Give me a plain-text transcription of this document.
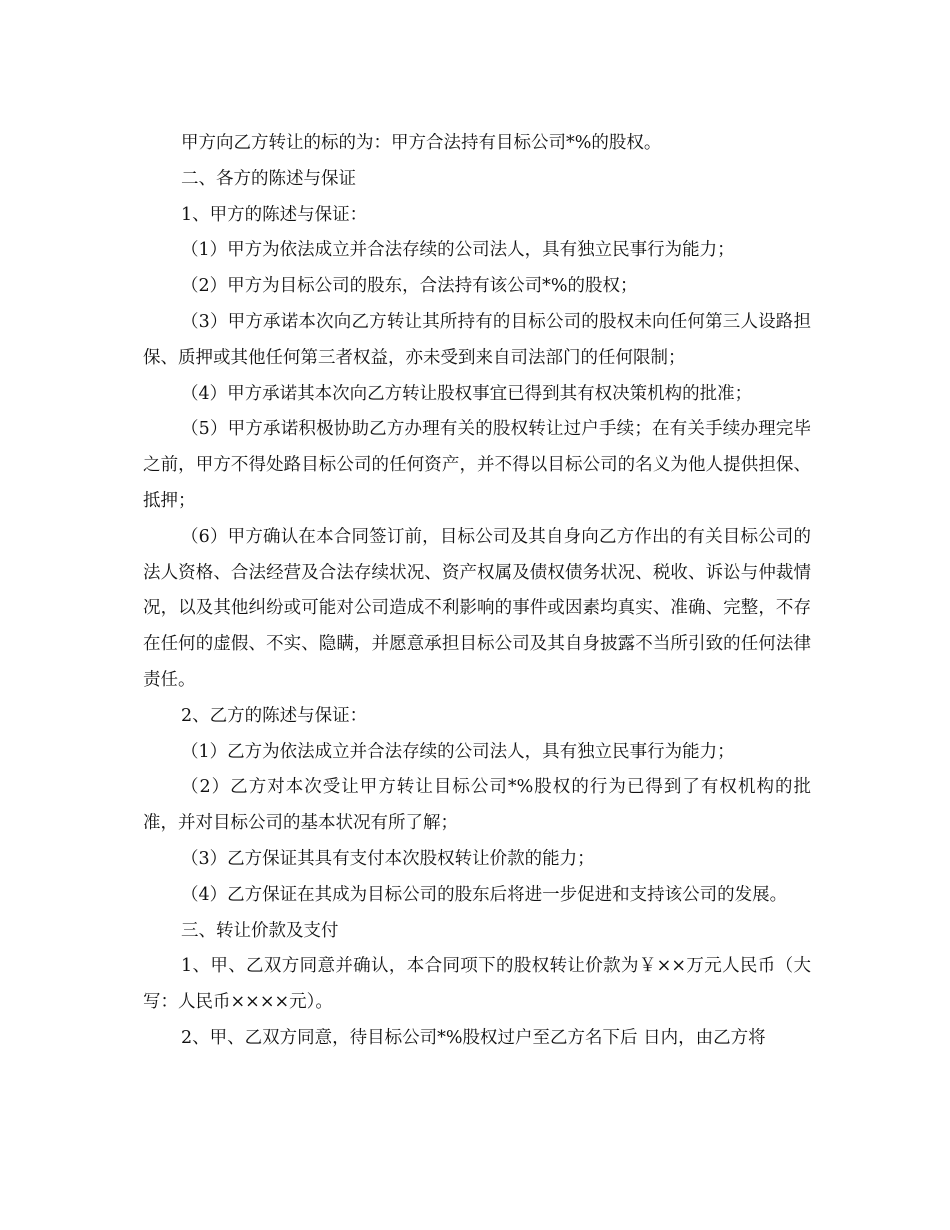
甲方向乙方转让的标的为：甲方合法持有目标公司*%的股权。

二、各方的陈述与保证

1、甲方的陈述与保证：

（1）甲方为依法成立并合法存续的公司法人，具有独立民事行为能力；

（2）甲方为目标公司的股东，合法持有该公司*%的股权；

（3）甲方承诺本次向乙方转让其所持有的目标公司的股权未向任何第三人设路担保、质押或其他任何第三者权益，亦未受到来自司法部门的任何限制；

（4）甲方承诺其本次向乙方转让股权事宜已得到其有权决策机构的批准；

（5）甲方承诺积极协助乙方办理有关的股权转让过户手续；在有关手续办理完毕之前，甲方不得处路目标公司的任何资产，并不得以目标公司的名义为他人提供担保、抵押；

（6）甲方确认在本合同签订前，目标公司及其自身向乙方作出的有关目标公司的法人资格、合法经营及合法存续状况、资产权属及债权债务状况、税收、诉讼与仲裁情况，以及其他纠纷或可能对公司造成不利影响的事件或因素均真实、准确、完整，不存在任何的虚假、不实、隐瞒，并愿意承担目标公司及其自身披露不当所引致的任何法律责任。

2、乙方的陈述与保证：

（1）乙方为依法成立并合法存续的公司法人，具有独立民事行为能力；

（2）乙方对本次受让甲方转让目标公司*%股权的行为已得到了有权机构的批准，并对目标公司的基本状况有所了解；

（3）乙方保证其具有支付本次股权转让价款的能力；

（4）乙方保证在其成为目标公司的股东后将进一步促进和支持该公司的发展。

三、转让价款及支付

1、甲、乙双方同意并确认，本合同项下的股权转让价款为￥××万元人民币（大写：人民币××××元）。

2、甲、乙双方同意，待目标公司*%股权过户至乙方名下后 日内，由乙方将
